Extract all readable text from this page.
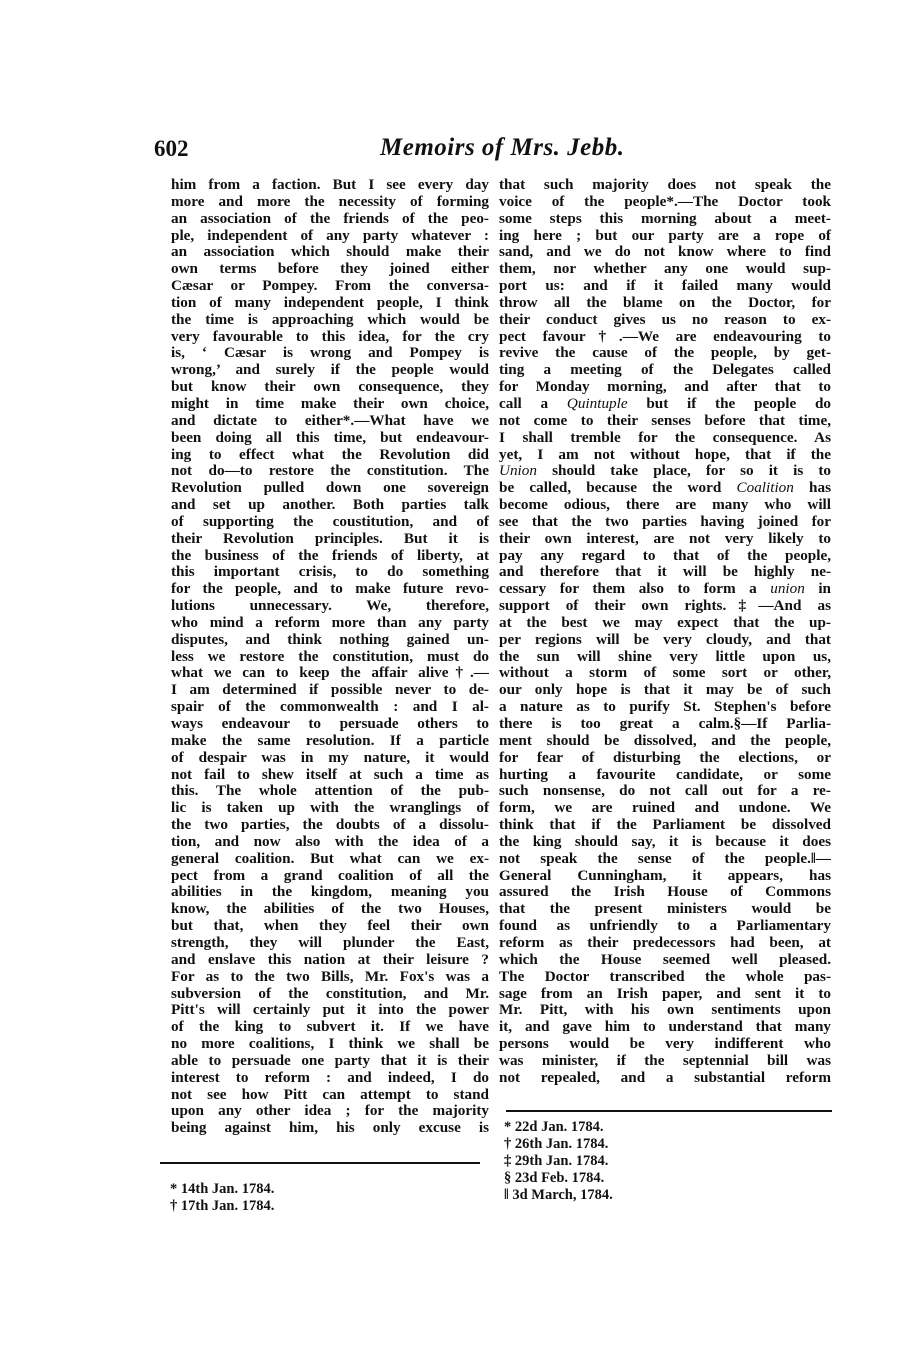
602	Memoirs of Mrs. Jebb.
him from a faction. But I see every day
more and more the necessity of forming
an association of the friends of the peo-
ple, independent of any party whatever :
an association which should make their
own terms before they joined either
Cæsar or Pompey. From the conversa-
tion of many independent people, I think
the time is approaching which would be
very favourable to this idea, for the cry
is, ‘ Cæsar is wrong and Pompey is
wrong,’ and surely if the people would
but know their own consequence, they
might in time make their own choice,
and dictate to either*.—What have we
been doing all this time, but endeavour-
ing to effect what the Revolution did
not do—to restore the constitution. The
Revolution pulled down one sovereign
and set up another. Both parties talk
of supporting the coustitution, and of
their Revolution principles. But it is
the business of the friends of liberty, at
this important crisis, to do something
for the people, and to make future revo-
lutions unnecessary. We, therefore,
who mind a reform more than any party
disputes, and think nothing gained un-
less we restore the constitution, must do
what we can to keep the affair alive†.—
I am determined if possible never to de-
spair of the commonwealth : and I al-
ways endeavour to persuade others to
make the same resolution. If a particle
of despair was in my nature, it would
not fail to shew itself at such a time as
this. The whole attention of the pub-
lic is taken up with the wranglings of
the two parties, the doubts of a dissolu-
tion, and now also with the idea of a
general coalition. But what can we ex-
pect from a grand coalition of all the
abilities in the kingdom, meaning you
know, the abilities of the two Houses,
but that, when they feel their own
strength, they will plunder the East,
and enslave this nation at their leisure ?
For as to the two Bills, Mr. Fox's was a
subversion of the constitution, and Mr.
Pitt's will certainly put it into the power
of the king to subvert it. If we have
no more coalitions, I think we shall be
able to persuade one party that it is their
interest to reform : and indeed, I do
not see how Pitt can attempt to stand
upon any other idea ; for the majority
being against him, his only excuse is
that such majority does not speak the
voice of the people*.—The Doctor took
some steps this morning about a meet-
ing here ; but our party are a rope of
sand, and we do not know where to find
them, nor whether any one would sup-
port us: and if it failed many would
throw all the blame on the Doctor, for
their conduct gives us no reason to ex-
pect favour†.—We are endeavouring to
revive the cause of the people, by get-
ting a meeting of the Delegates called
for Monday morning, and after that to
call a Quintuple but if the people do
not come to their senses before that time,
I shall tremble for the consequence. As
yet, I am not without hope, that if the
Union should take place, for so it is to
be called, because the word Coalition has
become odious, there are many who will
see that the two parties having joined for
their own interest, are not very likely to
pay any regard to that of the people,
and therefore that it will be highly ne-
cessary for them also to form a union in
support of their own rights.‡—And as
at the best we may expect that the up-
per regions will be very cloudy, and that
the sun will shine very little upon us,
without a storm of some sort or other,
our only hope is that it may be of such
a nature as to purify St. Stephen's before
there is too great a calm.§—If Parlia-
ment should be dissolved, and the people,
for fear of disturbing the elections, or
hurting a favourite candidate, or some
such nonsense, do not call out for a re-
form, we are ruined and undone. We
think that if the Parliament be dissolved
the king should say, it is because it does
not speak the sense of the people.‖—
General Cunningham, it appears, has
assured the Irish House of Commons
that the present ministers would be
found as unfriendly to a Parliamentary
reform as their predecessors had been, at
which the House seemed well pleased.
The Doctor transcribed the whole pas-
sage from an Irish paper, and sent it to
Mr. Pitt, with his own sentiments upon
it, and gave him to understand that many
persons would be very indifferent who
was minister, if the septennial bill was
not repealed, and a substantial reform
* 14th Jan. 1784.
† 17th Jan. 1784.
* 22d Jan. 1784.
† 26th Jan. 1784.
‡ 29th Jan. 1784.
§ 23d Feb. 1784.
‖ 3d March, 1784.
